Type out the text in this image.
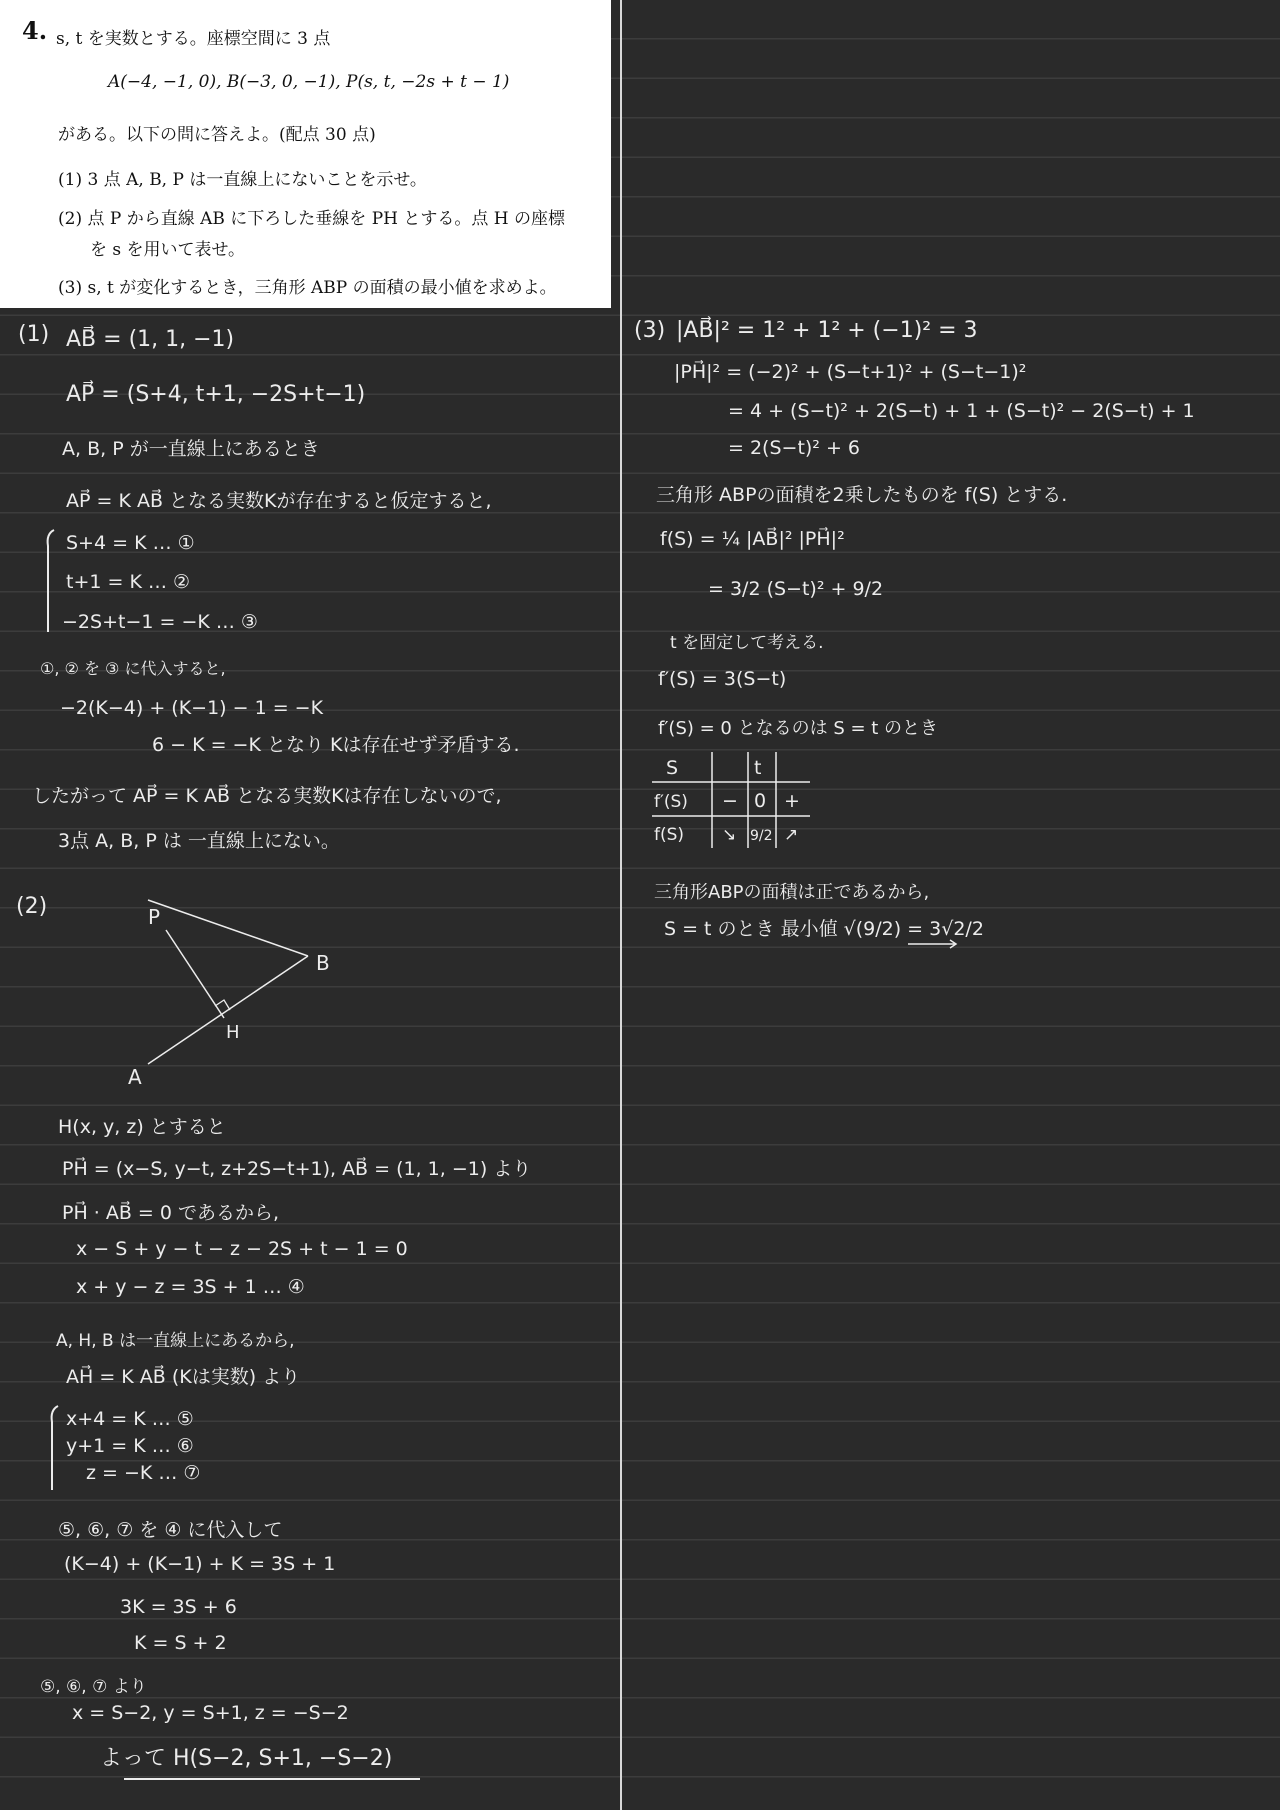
4. s, t を実数とする。座標空間に 3 点
A(−4, −1, 0), B(−3, 0, −1), P(s, t, −2s + t − 1)
がある。以下の問に答えよ。(配点 30 点)
(1) 3 点 A, B, P は一直線上にないことを示せ。
(2) 点 P から直線 AB に下ろした垂線を PH とする。点 H の座標
を s を用いて表せ。
(3) s, t が変化するとき，三角形 ABP の面積の最小値を求めよ。
(1) AB⃗ = (1, 1, −1)
AP⃗ = (S+4, t+1, −2S+t−1)
A, B, P が一直線上にあるとき
AP⃗ = K AB⃗ となる実数Kが存在すると仮定すると,
S+4 = K … ①
t+1 = K … ②
−2S+t−1 = −K … ③
①, ② を ③ に代入すると,
−2(K−4) + (K−1) − 1 = −K
6 − K = −K となり Kは存在せず矛盾する.
したがって AP⃗ = K AB⃗ となる実数Kは存在しないので,
3点 A, B, P は 一直線上にない。
(2)	P
B
H
A
H(x, y, z) とすると
PH⃗ = (x−S, y−t, z+2S−t+1), AB⃗ = (1, 1, −1) より
PH⃗ · AB⃗ = 0 であるから,
x − S + y − t − z − 2S + t − 1 = 0
x + y − z = 3S + 1 … ④
A, H, B は一直線上にあるから,
AH⃗ = K AB⃗ (Kは実数) より
x+4 = K … ⑤
y+1 = K … ⑥
z = −K … ⑦
⑤, ⑥, ⑦ を ④ に代入して
(K−4) + (K−1) + K = 3S + 1
3K = 3S + 6
K = S + 2
⑤, ⑥, ⑦ より
x = S−2, y = S+1, z = −S−2
よって H(S−2, S+1, −S−2)
(3) |AB⃗|² = 1² + 1² + (−1)² = 3
|PH⃗|² = (−2)² + (S−t+1)² + (S−t−1)²
= 4 + (S−t)² + 2(S−t) + 1 + (S−t)² − 2(S−t) + 1
= 2(S−t)² + 6
三角形 ABPの面積を2乗したものを f(S) とする.
f(S) = ¼ |AB⃗|² |PH⃗|²
= 3/2 (S−t)² + 9/2
t を固定して考える.
f′(S) = 3(S−t)
f′(S) = 0 となるのは S = t のとき
S	t
f′(S) − 0 +
f(S) ↘ 9/2 ↗
三角形ABPの面積は正であるから,
S = t のとき 最小値 √(9/2) = 3√2/2
